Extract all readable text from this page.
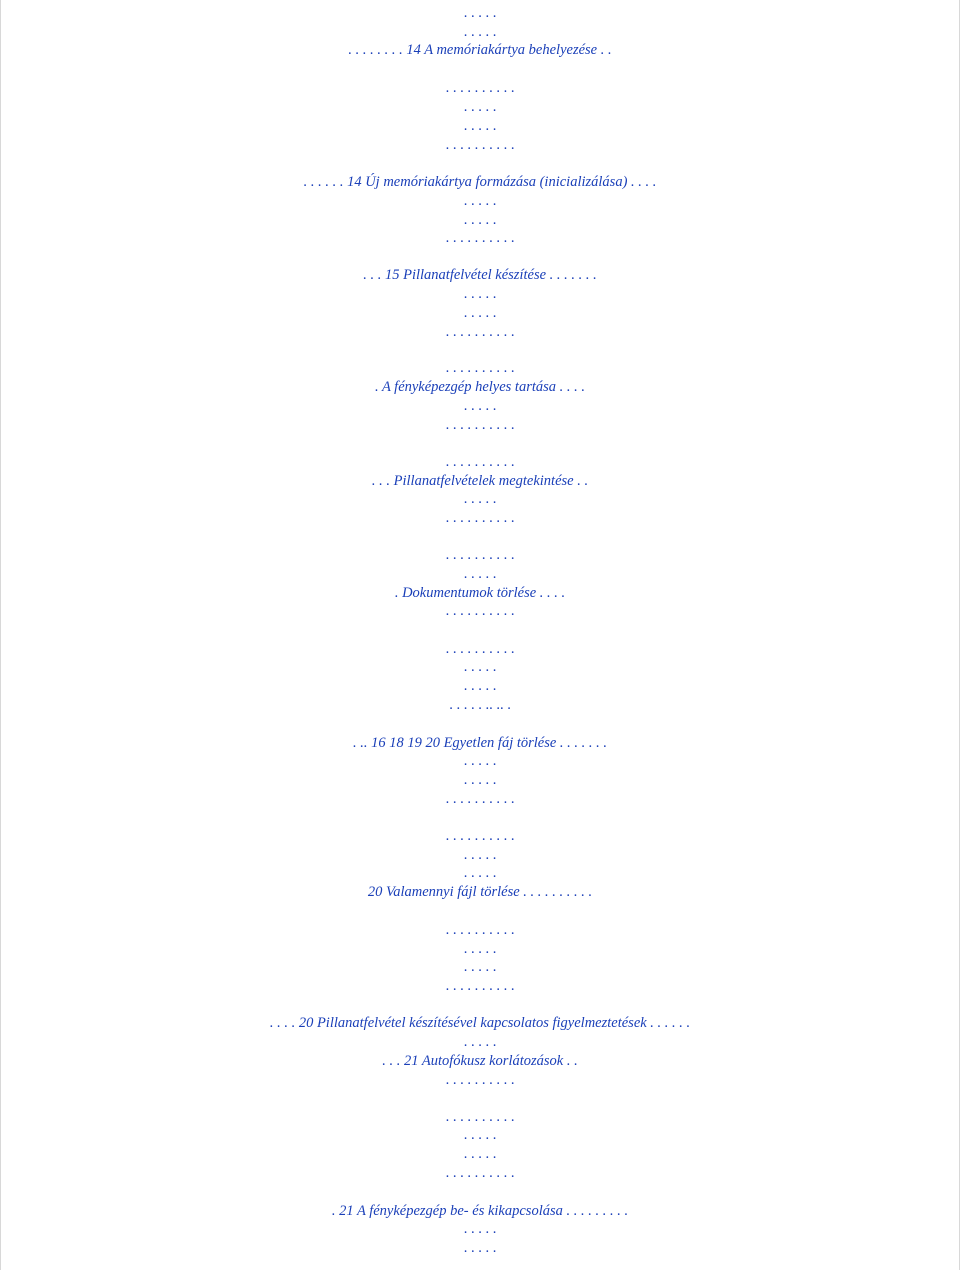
. . . . .

. . . . .

. . . . . . . . 14 A memóriakártya behelyezése . .

. . . . . . . . . .

. . . . .

. . . . .

. . . . . . . . . .

. . . . . . 14 Új memóriakártya formázása (inicializálása) . . . .

. . . . .

. . . . .

. . . . . . . . . .

. . . 15 Pillanatfelvétel készítése . . . . . . .

. . . . .

. . . . .

. . . . . . . . . .

. . . . . . . . . .

. A fényképezgép helyes tartása . . . .

. . . . .

. . . . . . . . . .

. . . . . . . . . .

. . . Pillanatfelvételek megtekintése . .

. . . . .

. . . . . . . . . .

. . . . . . . . . .

. . . . .

. Dokumentumok törlése . . . .

. . . . . . . . . .

. . . . . . . . . .

. . . . .

. . . . .

. . . . . .. .. .

. .. 16 18 19 20 Egyetlen fáj törlése . . . . . . .

. . . . .

. . . . .

. . . . . . . . . .

. . . . . . . . . .

. . . . .

. . . . .

20 Valamennyi fájl törlése . . . . . . . . . .

. . . . . . . . . .

. . . . .

. . . . .

. . . . . . . . . .

. . . . 20 Pillanatfelvétel készítésével kapcsolatos figyelmeztetések . . . . . .

. . . . .

. . . 21 Autofókusz korlátozások . .

. . . . . . . . . .

. . . . . . . . . .

. . . . .

. . . . .

. . . . . . . . . .

. 21 A fényképezgép be- és kikapcsolása . . . . . . . . .

. . . . .

. . . . .
